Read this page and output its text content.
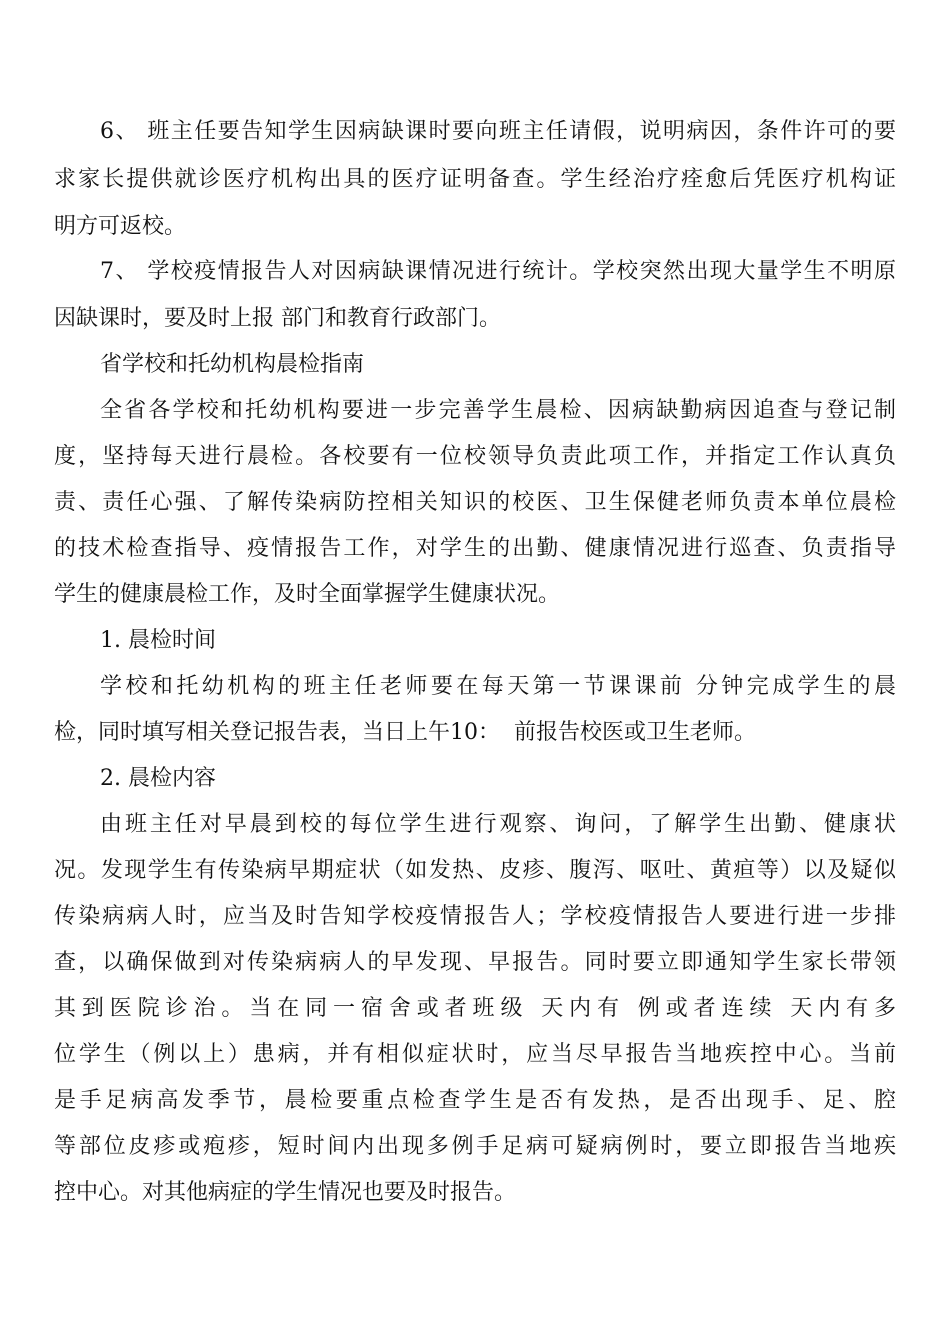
6、 班主任要告知学生因病缺课时要向班主任请假，说明病因，条件许可的要
求家长提供就诊医疗机构出具的医疗证明备查。学生经治疗痊愈后凭医疗机构证
明方可返校。
7、 学校疫情报告人对因病缺课情况进行统计。学校突然出现大量学生不明原
因缺课时，要及时上报 部门和教育行政部门。
省学校和托幼机构晨检指南
全省各学校和托幼机构要进一步完善学生晨检、因病缺勤病因追查与登记制
度，坚持每天进行晨检。各校要有一位校领导负责此项工作，并指定工作认真负
责、责任心强、了解传染病防控相关知识的校医、卫生保健老师负责本单位晨检
的技术检查指导、疫情报告工作，对学生的出勤、健康情况进行巡查、负责指导
学生的健康晨检工作，及时全面掌握学生健康状况。
1. 晨检时间
学校和托幼机构的班主任老师要在每天第一节课课前 分钟完成学生的晨
检，同时填写相关登记报告表，当日上午10：  前报告校医或卫生老师。
2. 晨检内容
由班主任对早晨到校的每位学生进行观察、询问，了解学生出勤、健康状
况。发现学生有传染病早期症状（如发热、皮疹、腹泻、呕吐、黄疸等）以及疑似
传染病病人时，应当及时告知学校疫情报告人；学校疫情报告人要进行进一步排
查，以确保做到对传染病病人的早发现、早报告。同时要立即通知学生家长带领
其到医院诊治。当在同一宿舍或者班级 天内有 例或者连续 天内有多
位学生（例以上）患病，并有相似症状时，应当尽早报告当地疾控中心。当前
是手足病高发季节，晨检要重点检查学生是否有发热，是否出现手、足、腔
等部位皮疹或疱疹，短时间内出现多例手足病可疑病例时，要立即报告当地疾
控中心。对其他病症的学生情况也要及时报告。
